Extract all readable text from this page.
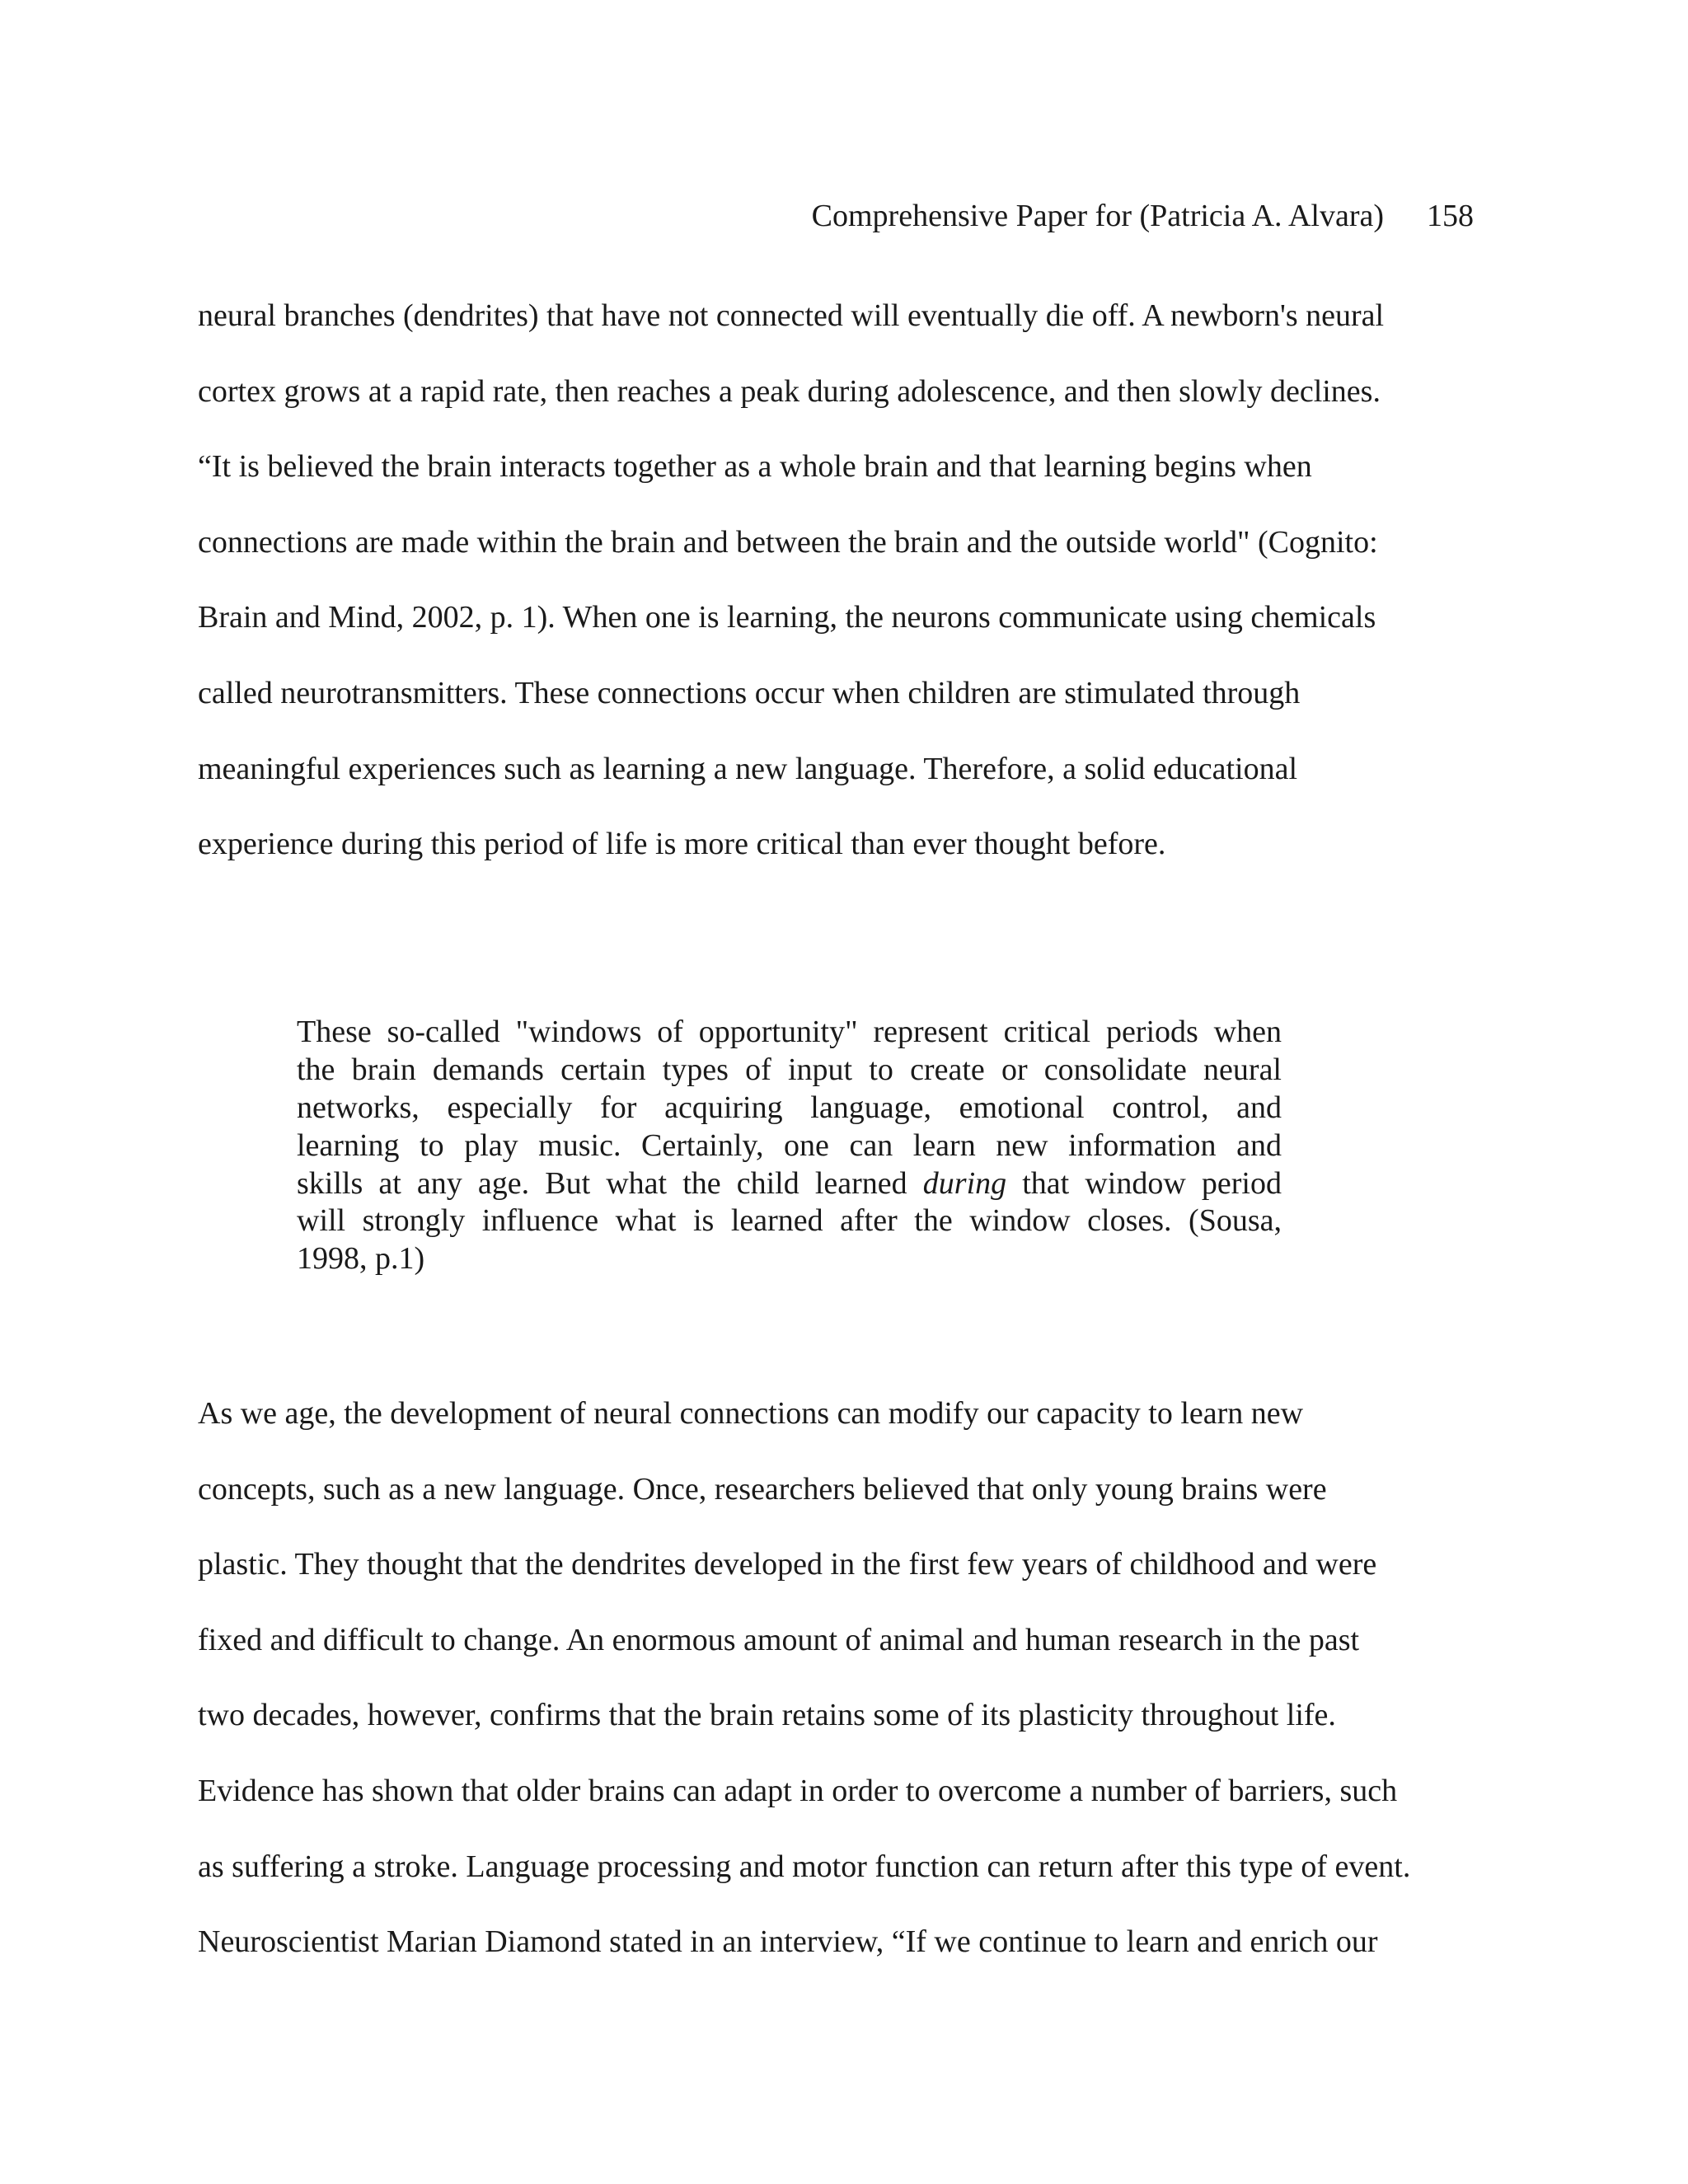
Comprehensive Paper for (Patricia A. Alvara) 158

neural branches (dendrites) that have not connected will eventually die off. A newborn's neural
cortex grows at a rapid rate, then reaches a peak during adolescence, and then slowly declines.
“It is believed the brain interacts together as a whole brain and that learning begins when
connections are made within the brain and between the brain and the outside world" (Cognito:
Brain and Mind, 2002, p. 1). When one is learning, the neurons communicate using chemicals
called neurotransmitters. These connections occur when children are stimulated through
meaningful experiences such as learning a new language. Therefore, a solid educational
experience during this period of life is more critical than ever thought before.

These so-called "windows of opportunity" represent critical periods when
the brain demands certain types of input to create or consolidate neural
networks, especially for acquiring language, emotional control, and
learning to play music. Certainly, one can learn new information and
skills at any age. But what the child learned during that window period
will strongly influence what is learned after the window closes. (Sousa,
1998, p.1)

As we age, the development of neural connections can modify our capacity to learn new
concepts, such as a new language. Once, researchers believed that only young brains were
plastic. They thought that the dendrites developed in the first few years of childhood and were
fixed and difficult to change. An enormous amount of animal and human research in the past
two decades, however, confirms that the brain retains some of its plasticity throughout life.
Evidence has shown that older brains can adapt in order to overcome a number of barriers, such
as suffering a stroke. Language processing and motor function can return after this type of event.
Neuroscientist Marian Diamond stated in an interview, “If we continue to learn and enrich our
